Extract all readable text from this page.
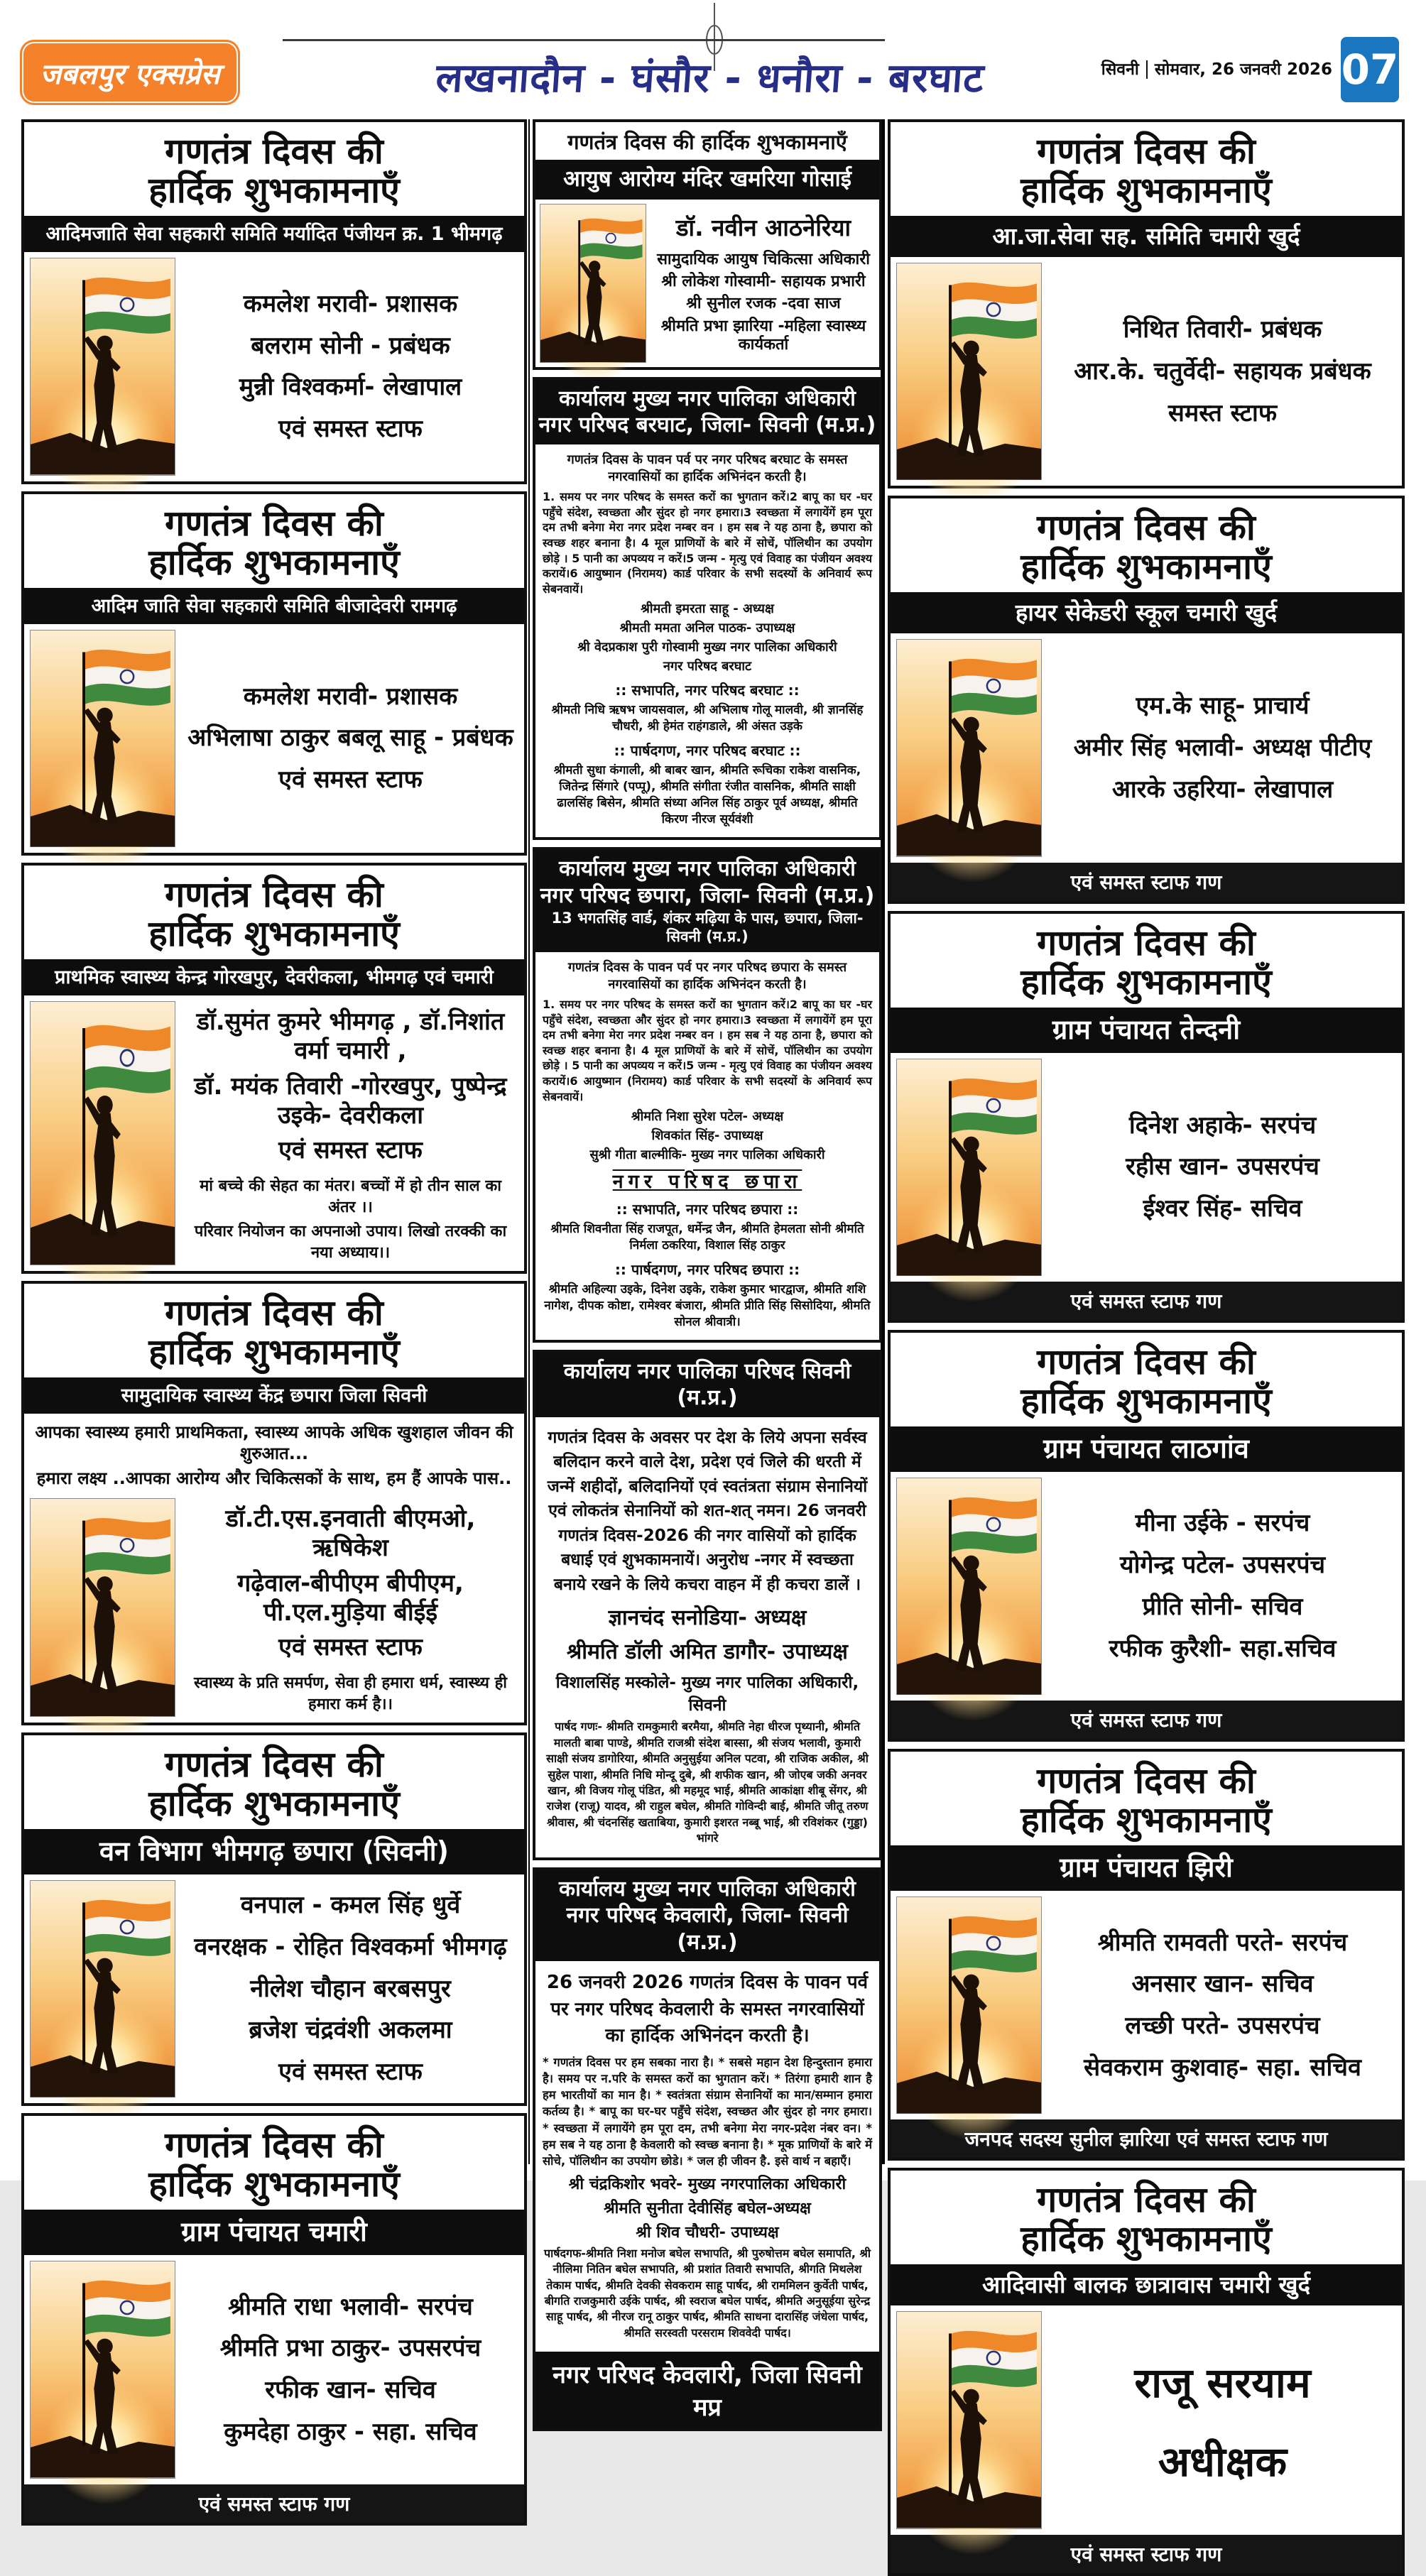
जबलपुर एक्सप्रेस	लखनादौन - घंसौर - धनौरा - बरघाट	सिवनी सोमवार, 26 जनवरी 2026 07
गणतंत्र दिवस की
हार्दिक शुभकामनाएँ
आदिमजाति सेवा सहकारी समिति मर्यादित पंजीयन क्र. 1 भीमगढ़
कमलेश मरावी- प्रशासक
बलराम सोनी - प्रबंधक
मुन्नी विश्वकर्मा- लेखापाल
एवं समस्त स्टाफ
गणतंत्र दिवस की
हार्दिक शुभकामनाएँ
आदिम जाति सेवा सहकारी समिति बीजादेवरी रामगढ़
कमलेश मरावी- प्रशासक
अभिलाषा ठाकुर बबलू साहू - प्रबंधक
एवं समस्त स्टाफ
गणतंत्र दिवस की
हार्दिक शुभकामनाएँ
प्राथमिक स्वास्थ्य केन्द्र गोरखपुर, देवरीकला, भीमगढ़ एवं चमारी
डॉ.सुमंत कुमरे भीमगढ़ , डॉ.निशांत वर्मा चमारी ,
डॉ. मयंक तिवारी -गोरखपुर, पुष्पेन्द्र उइके- देवरीकला
एवं समस्त स्टाफ
मां बच्चे की सेहत का मंतर। बच्चों में हो तीन साल का अंतर ।।
परिवार नियोजन का अपनाओ उपाय। लिखो तरक्की का नया अध्याय।।
गणतंत्र दिवस की
हार्दिक शुभकामनाएँ
सामुदायिक स्वास्थ्य केंद्र छपारा जिला सिवनी
आपका स्वास्थ्य हमारी प्राथमिकता, स्वास्थ्य आपके अधिक खुशहाल जीवन की शुरुआत...
हमारा लक्ष्य ..आपका आरोग्य और चिकित्सकों के साथ, हम हैं आपके पास..
डॉ.टी.एस.इनवाती बीएमओ, ऋषिकेश
गढ़ेवाल-बीपीएम बीपीएम, पी.एल.मुड़िया बीईई
एवं समस्त स्टाफ
स्वास्थ्य के प्रति समर्पण, सेवा ही हमारा धर्म, स्वास्थ्य ही हमारा कर्म है।।
गणतंत्र दिवस की
हार्दिक शुभकामनाएँ
वन विभाग भीमगढ़ छपारा (सिवनी)
वनपाल - कमल सिंह धुर्वे
वनरक्षक - रोहित विश्वकर्मा भीमगढ़
नीलेश चौहान बरबसपुर
ब्रजेश चंद्रवंशी अकलमा
एवं समस्त स्टाफ
गणतंत्र दिवस की
हार्दिक शुभकामनाएँ
ग्राम पंचायत चमारी
श्रीमति राधा भलावी- सरपंच
श्रीमति प्रभा ठाकुर- उपसरपंच
रफीक खान- सचिव
कुमदेहा ठाकुर - सहा. सचिव
एवं समस्त स्टाफ गण
गणतंत्र दिवस की हार्दिक शुभकामनाएँ
आयुष आरोग्य मंदिर खमरिया गोसाई
डॉ. नवीन आठनेरिया
सामुदायिक आयुष चिकित्सा अधिकारी
श्री लोकेश गोस्वामी- सहायक प्रभारी
श्री सुनील रजक -दवा साज
श्रीमति प्रभा झारिया -महिला स्वास्थ्य कार्यकर्ता
कार्यालय मुख्य नगर पालिका अधिकारी
नगर परिषद बरघाट, जिला- सिवनी (म.प्र.)

गणतंत्र दिवस के पावन पर्व पर नगर परिषद बरघाट के समस्त नगरवासियों का हार्दिक अभिनंदन करती है।

1. समय पर नगर परिषद के समस्त करों का भुगतान करें।2 बापू का घर -घर पहुँचे संदेश, स्वच्छता और सुंदर हो नगर हमारा।3 स्वच्छता में लगायेंगें हम पूरा दम तभी बनेगा मेरा नगर प्रदेश नम्बर वन । हम सब ने यह ठाना है, छपारा को स्वच्छ शहर बनाना है। 4 मूल प्राणियों के बारे में सोचें, पॉलिथीन का उपयोग छोड़े । 5 पानी का अपव्यय न करें।5 जन्म - मृत्यु एवं विवाह का पंजीयन अवश्य करायें।6 आयुष्मान (निरामय) कार्ड परिवार के सभी सदस्यों के अनिवार्य रूप सेबनवायें।

श्रीमती इमरता साहू - अध्यक्ष
श्रीमती ममता अनिल पाठक- उपाध्यक्ष
श्री वेदप्रकाश पुरी गोस्वामी मुख्य नगर पालिका अधिकारी
नगर परिषद बरघाट
:: सभापति, नगर परिषद बरघाट ::

श्रीमती निधि ऋषभ जायसवाल, श्री अभिलाष गोलू मालवी, श्री ज्ञानसिंह चौधरी, श्री हेमंत राहंगडाले, श्री अंसत उड़के

:: पार्षदगण, नगर परिषद बरघाट ::

श्रीमती सुधा कंगाली, श्री बाबर खान, श्रीमति रूचिका राकेश वासनिक, जितेन्द्र सिंगारे (पप्पू), श्रीमति संगीता रंजीत वासनिक, श्रीमति साक्षी ढालसिंह बिसेन, श्रीमति संध्या अनिल सिंह ठाकुर पूर्व अध्यक्ष, श्रीमति किरण नीरज सूर्यवंशी

कार्यालय मुख्य नगर पालिका अधिकारी
नगर परिषद छपारा, जिला- सिवनी (म.प्र.)
13 भगतसिंह वार्ड, शंकर मढ़िया के पास, छपारा, जिला-सिवनी (म.प्र.)

गणतंत्र दिवस के पावन पर्व पर नगर परिषद छपारा के समस्त नगरवासियों का हार्दिक अभिनंदन करती है।

1. समय पर नगर परिषद के समस्त करों का भुगतान करें।2 बापू का घर -घर पहुँचे संदेश, स्वच्छता और सुंदर हो नगर हमारा।3 स्वच्छता में लगायेंगें हम पूरा दम तभी बनेगा मेरा नगर प्रदेश नम्बर वन । हम सब ने यह ठाना है, छपारा को स्वच्छ शहर बनाना है। 4 मूल प्राणियों के बारे में सोचें, पॉलिथीन का उपयोग छोड़े । 5 पानी का अपव्यय न करें।5 जन्म - मृत्यु एवं विवाह का पंजीयन अवश्य करायें।6 आयुष्मान (निरामय) कार्ड परिवार के सभी सदस्यों के अनिवार्य रूप सेबनवायें।

श्रीमति निशा सुरेश पटेल- अध्यक्ष
शिवकांत सिंह- उपाध्यक्ष
सुश्री गीता बाल्मीकि- मुख्य नगर पालिका अधिकारी
नगर परिषद छपारा
:: सभापति, नगर परिषद छपारा ::

श्रीमति शिवनीता सिंह राजपूत, धर्मेन्द्र जैन, श्रीमति हेमलता सोनी श्रीमति निर्मला ठकरिया, विशाल सिंह ठाकुर

:: पार्षदगण, नगर परिषद छपारा ::

श्रीमति अहिल्या उइके, दिनेश उइके, राकेश कुमार भारद्वाज, श्रीमति शशि नागेश, दीपक कोष्टा, रामेश्वर बंजारा, श्रीमति प्रीति सिंह सिसोदिया, श्रीमति सोनल श्रीवात्री।

कार्यालय नगर पालिका परिषद सिवनी (म.प्र.)

गणतंत्र दिवस के अवसर पर देश के लिये अपना सर्वस्व बलिदान करने वाले देश, प्रदेश एवं जिले की धरती में जन्में शहीदों, बलिदानियों एवं स्वतंत्रता संग्राम सेनानियों एवं लोकतंत्र सेनानियों को शत-शत् नमन। 26 जनवरी गणतंत्र दिवस-2026 की नगर वासियों को हार्दिक बधाई एवं शुभकामनायें। अनुरोध -नगर में स्वच्छता बनाये रखने के लिये कचरा वाहन में ही कचरा डालें ।

ज्ञानचंद सनोडिया- अध्यक्ष
श्रीमति डॉली अमित डागौर- उपाध्यक्ष
विशालसिंह मस्कोले- मुख्य नगर पालिका अधिकारी, सिवनी

पार्षद गणः- श्रीमति रामकुमारी बरमैया, श्रीमति नेहा धीरज पृथ्यानी, श्रीमति मालती बाबा पाण्डे, श्रीमति राजश्री संदेश बास्सा, श्री संजय भलावी, कुमारी साक्षी संजय डागोरिया, श्रीमति अनुसुईया अनिल पटवा, श्री राजिक अकील, श्री सुहेल पाशा, श्रीमति निधि मोन्दू दुबे, श्री शफीक खान, श्री जोएब जकी अनवर खान, श्री विजय गोलू पंडित, श्री महमूद भाई, श्रीमति आकांक्षा शीबू सेंगर, श्री राजेश (राजू) यादव, श्री राहुल बघेल, श्रीमति गोविन्दी बाई, श्रीमति जीतू तरुण श्रीवास, श्री चंदनसिंह खताबिया, कुमारी इशरत नब्बू भाई, श्री रविशंकर (गुड्डा) भांगरे

कार्यालय मुख्य नगर पालिका अधिकारी
नगर परिषद केवलारी, जिला- सिवनी (म.प्र.)

26 जनवरी 2026 गणतंत्र दिवस के पावन पर्व पर नगर परिषद केवलारी के समस्त नगरवासियों का हार्दिक अभिनंदन करती है।

* गणतंत्र दिवस पर हम सबका नारा है। * सबसे महान देश हिन्दुस्तान हमारा है। समय पर न.परि के समस्त करों का भुगतान करें। * तिरंगा हमारी शान है हम भारतीयों का मान है। * स्वतंत्रता संग्राम सेनानियों का मान/सम्मान हमारा कर्तव्य है। * बापू का घर-घर पहुँचे संदेश, स्वच्छत और सुंदर हो नगर हमारा। * स्वच्छता में लगायेंगे हम पूरा दम, तभी बनेगा मेरा नगर-प्रदेश नंबर वन। * हम सब ने यह ठाना है केवलारी को स्वच्छ बनाना है। * मूक प्राणियों के बारे में सोचे, पॉलिथीन का उपयोग छोडे। * जल ही जीवन है. इसे वार्थ न बहाएँ।

श्री चंद्रकिशोर भवरे- मुख्य नगरपालिका अधिकारी
श्रीमति सुनीता देवीसिंह बघेल-अध्यक्ष
श्री शिव चौधरी- उपाध्यक्ष

पार्षदगफ-श्रीमति निशा मनोज बघेल सभापति, श्री पुरुषोत्तम बघेल समापति, श्री नीलिमा नितिन बघेल सभापति, श्री प्रशांत तिवारी सभापति, श्रीगति मिथलेश तेकाम पार्षद, श्रीमति देवकी सेवकराम साहू पार्षद, श्री राममिलन कुर्वेती पार्षद, बीगति राजकुमारी उईके पार्षद, श्री स्वराज बघेल पार्षद, श्रीमति अनुसूईया सुरेन्द्र साहू पार्षद, श्री नीरज रानू ठाकुर पार्षद, श्रीमति साधना दारासिंह जंधेला पार्षद, श्रीमति सरस्वती परसराम शिववेदी पार्षद।

नगर परिषद केवलारी, जिला सिवनी मप्र
गणतंत्र दिवस की
हार्दिक शुभकामनाएँ
आ.जा.सेवा सह. समिति चमारी खुर्द
निथित तिवारी- प्रबंधक
आर.के. चतुर्वेदी- सहायक प्रबंधक
समस्त स्टाफ
गणतंत्र दिवस की
हार्दिक शुभकामनाएँ
हायर सेकेडरी स्कूल चमारी खुर्द
एम.के साहू- प्राचार्य
अमीर सिंह भलावी- अध्यक्ष पीटीए
आरके उहरिया- लेखापाल
एवं समस्त स्टाफ गण
गणतंत्र दिवस की
हार्दिक शुभकामनाएँ
ग्राम पंचायत तेन्दनी
दिनेश अहाके- सरपंच
रहीस खान- उपसरपंच
ईश्वर सिंह- सचिव
एवं समस्त स्टाफ गण
गणतंत्र दिवस की
हार्दिक शुभकामनाएँ
ग्राम पंचायत लाठगांव
मीना उईके - सरपंच
योगेन्द्र पटेल- उपसरपंच
प्रीति सोनी- सचिव
रफीक कुरैशी- सहा.सचिव
एवं समस्त स्टाफ गण
गणतंत्र दिवस की
हार्दिक शुभकामनाएँ
ग्राम पंचायत झिरी
श्रीमति रामवती परते- सरपंच
अनसार खान- सचिव
लच्छी परते- उपसरपंच
सेवकराम कुशवाह- सहा. सचिव
जनपद सदस्य सुनील झारिया एवं समस्त स्टाफ गण
गणतंत्र दिवस की
हार्दिक शुभकामनाएँ
आदिवासी बालक छात्रावास चमारी खुर्द
राजू सरयाम
अधीक्षक
एवं समस्त स्टाफ गण
